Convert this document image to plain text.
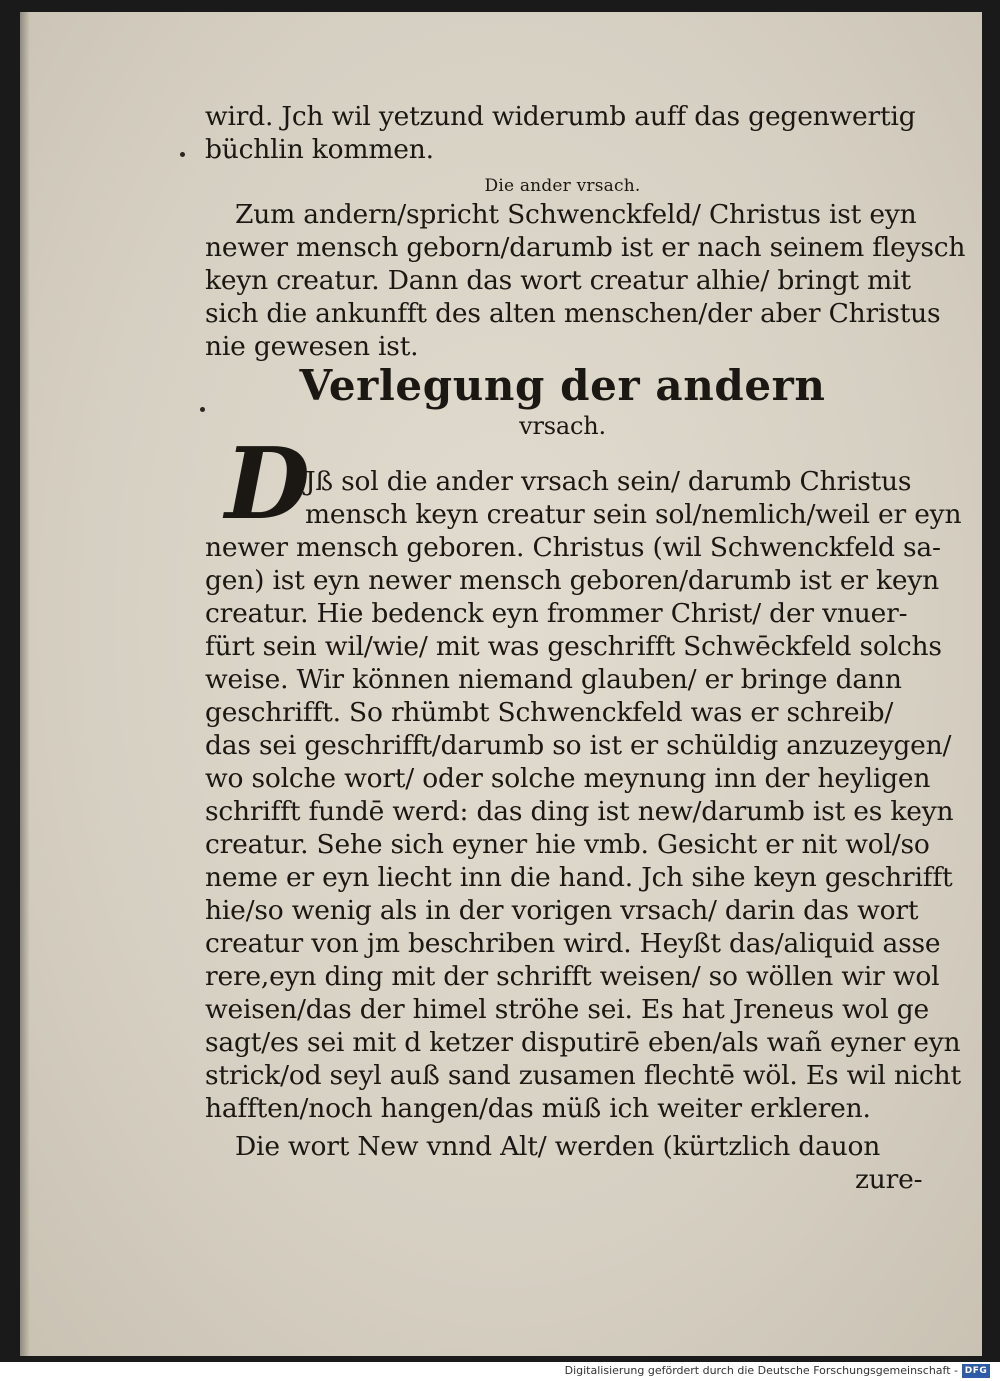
wird. Jch wil yetzund widerumb auff das gegenwertig
büchlin kommen.
Die ander vrsach.
Zum andern/spricht Schwenckfeld/ Christus ist eyn
newer mensch geborn/darumb ist er nach seinem fleysch
keyn creatur. Dann das wort creatur alhie/ bringt mit
sich die ankunfft des alten menschen/der aber Christus
nie gewesen ist.
Verlegung der andern
vrsach.
D
Jß sol die ander vrsach sein/ darumb Christus
mensch keyn creatur sein sol/nemlich/weil er eyn
newer mensch geboren. Christus (wil Schwenckfeld sa-
gen) ist eyn newer mensch geboren/darumb ist er keyn
creatur. Hie bedenck eyn frommer Christ/ der vnuer-
fürt sein wil/wie/ mit was geschrifft Schwēckfeld solchs
weise. Wir können niemand glauben/ er bringe dann
geschrifft. So rhümbt Schwenckfeld was er schreib/
das sei geschrifft/darumb so ist er schüldig anzuzeygen/
wo solche wort/ oder solche meynung inn der heyligen
schrifft fundē werd: das ding ist new/darumb ist es keyn
creatur. Sehe sich eyner hie vmb. Gesicht er nit wol/so
neme er eyn liecht inn die hand. Jch sihe keyn geschrifft
hie/so wenig als in der vorigen vrsach/ darin das wort
creatur von jm beschriben wird. Heyßt das/aliquid asse
rere,eyn ding mit der schrifft weisen/ so wöllen wir wol
weisen/das der himel ströhe sei. Es hat Jreneus wol ge
sagt/es sei mit d ketzer disputirē eben/als wañ eyner eyn
strick/od seyl auß sand zusamen flechtē wöl. Es wil nicht
hafften/noch hangen/das müß ich weiter erkleren.
Die wort New vnnd Alt/ werden (kürtzlich dauon
zure-
Digitalisierung gefördert durch die Deutsche Forschungsgemeinschaft - DFG
